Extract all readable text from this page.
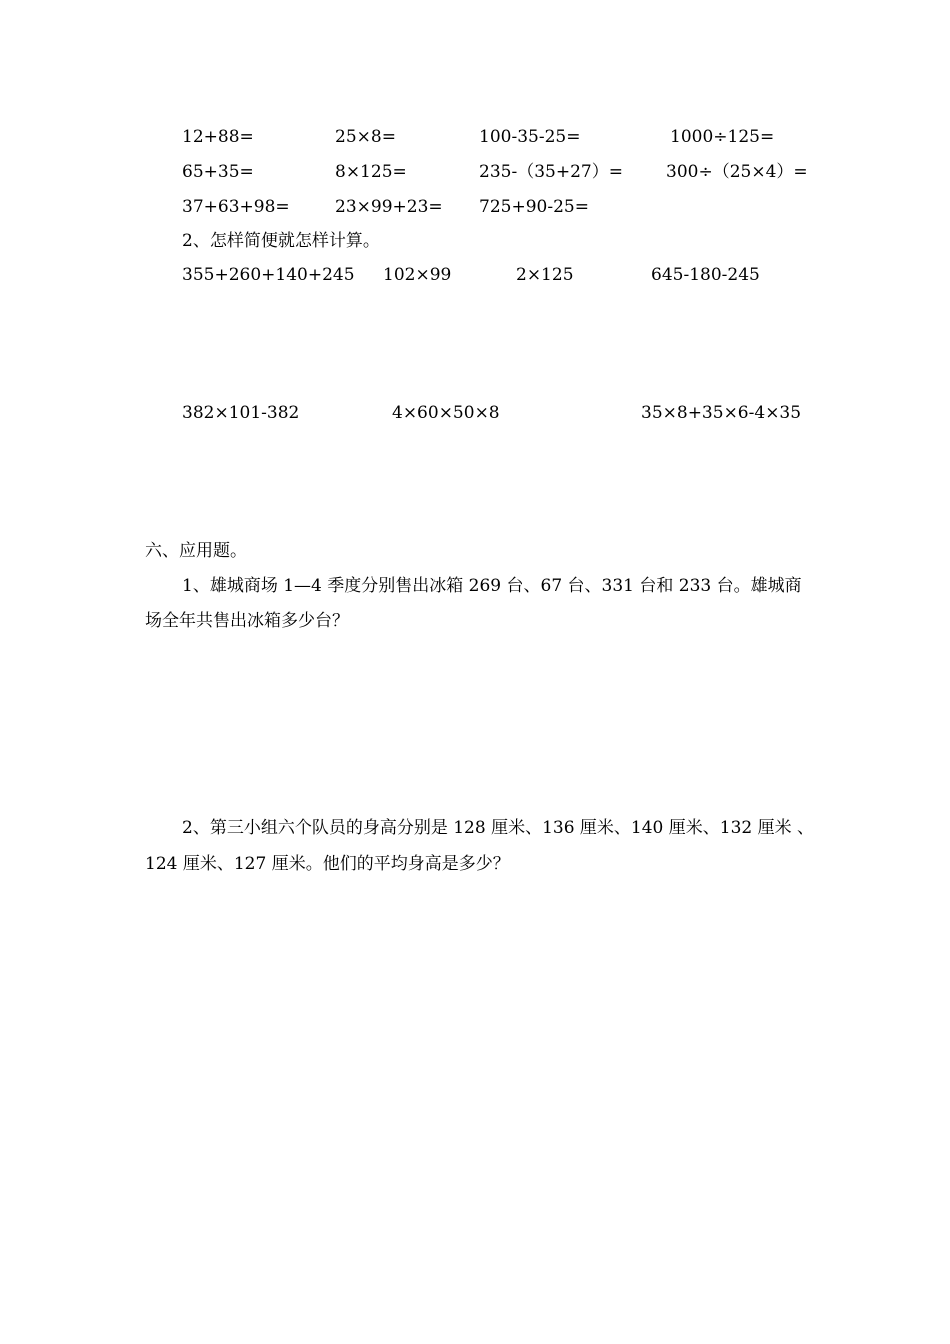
12+88=	25×8=	100-35-25=	1000÷125=
65+35=	8×125=	235-（35+27）=	300÷（25×4）=
37+63+98=	23×99+23= 725+90-25=
2、怎样简便就怎样计算。
355+260+140+245 102×99	2×125	645-180-245
382×101-382	4×60×50×8	35×8+35×6-4×35
六、应用题。
1、雄城商场 1—4 季度分别售出冰箱 269 台、67 台、331 台和 233 台。雄城商
场全年共售出冰箱多少台？
2、第三小组六个队员的身高分别是 128 厘米、136 厘米、140 厘米、132 厘米 、
124 厘米、127 厘米。他们的平均身高是多少？
